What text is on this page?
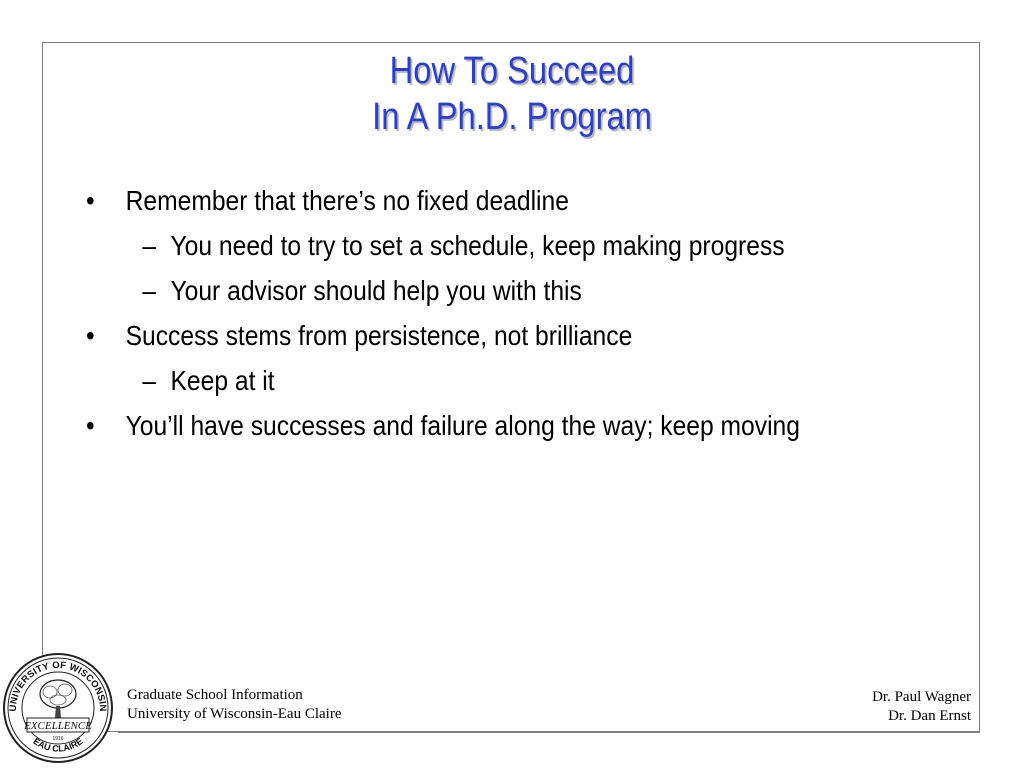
How To Succeed
In A Ph.D. Program
• Remember that there’s no fixed deadline
– You need to try to set a schedule, keep making progress
– Your advisor should help you with this
• Success stems from persistence, not brilliance
– Keep at it
• You’ll have successes and failure along the way; keep moving
UNIVERSITY OF WISCONSIN
EAU CLAIRE
EXCELLENCE
1916
Graduate School Information
University of Wisconsin-Eau Claire
Dr. Paul Wagner
Dr. Dan Ernst
